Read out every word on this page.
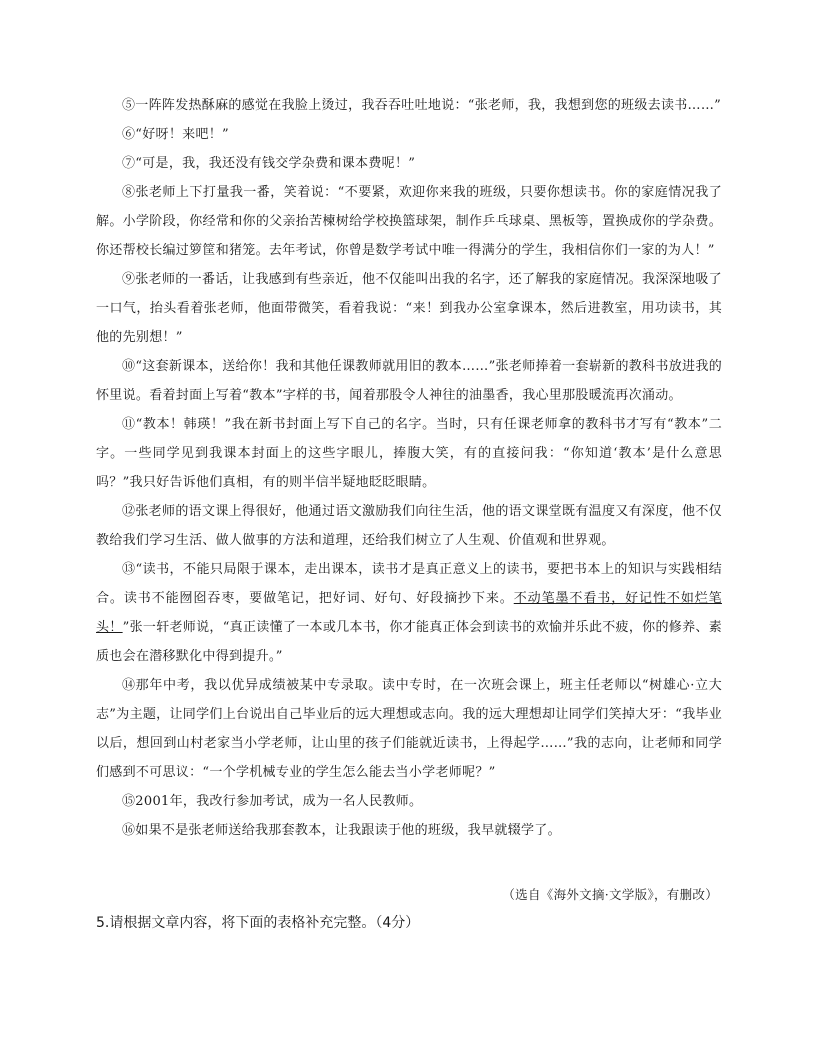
⑤一阵阵发热酥麻的感觉在我脸上烫过，我吞吞吐吐地说：“张老师，我，我想到您的班级去读书……”

⑥“好呀！来吧！”

⑦“可是，我，我还没有钱交学杂费和课本费呢！”

⑧张老师上下打量我一番，笑着说：“不要紧，欢迎你来我的班级，只要你想读书。你的家庭情况我了解。小学阶段，你经常和你的父亲抬苦楝树给学校换篮球架，制作乒乓球桌、黑板等，置换成你的学杂费。你还帮校长编过箩筐和猪笼。去年考试，你曾是数学考试中唯一得满分的学生，我相信你们一家的为人！”

⑨张老师的一番话，让我感到有些亲近，他不仅能叫出我的名字，还了解我的家庭情况。我深深地吸了一口气，抬头看着张老师，他面带微笑，看着我说：“来！到我办公室拿课本，然后进教室，用功读书，其他的先别想！”

⑩“这套新课本，送给你！我和其他任课教师就用旧的教本……”张老师捧着一套崭新的教科书放进我的怀里说。看着封面上写着“教本”字样的书，闻着那股令人神往的油墨香，我心里那股暖流再次涌动。

⑪“教本！韩瑛！”我在新书封面上写下自己的名字。当时，只有任课老师拿的教科书才写有“教本”二字。一些同学见到我课本封面上的这些字眼儿，捧腹大笑，有的直接问我：“你知道‘教本’是什么意思吗？”我只好告诉他们真相，有的则半信半疑地眨眨眼睛。

⑫张老师的语文课上得很好，他通过语文激励我们向往生活，他的语文课堂既有温度又有深度，他不仅教给我们学习生活、做人做事的方法和道理，还给我们树立了人生观、价值观和世界观。

⑬“读书，不能只局限于课本，走出课本，读书才是真正意义上的读书，要把书本上的知识与实践相结合。读书不能囫囵吞枣，要做笔记，把好词、好句、好段摘抄下来。不动笔墨不看书，好记性不如烂笔头！”张一轩老师说，“真正读懂了一本或几本书，你才能真正体会到读书的欢愉并乐此不疲，你的修养、素质也会在潜移默化中得到提升。”

⑭那年中考，我以优异成绩被某中专录取。读中专时，在一次班会课上，班主任老师以“树雄心·立大志”为主题，让同学们上台说出自己毕业后的远大理想或志向。我的远大理想却让同学们笑掉大牙：“我毕业以后，想回到山村老家当小学老师，让山里的孩子们能就近读书，上得起学……”我的志向，让老师和同学们感到不可思议：“一个学机械专业的学生怎么能去当小学老师呢？”

⑮2001年，我改行参加考试，成为一名人民教师。

⑯如果不是张老师送给我那套教本，让我跟读于他的班级，我早就辍学了。

（选自《海外文摘·文学版》，有删改）
5.请根据文章内容，将下面的表格补充完整。（4分）
